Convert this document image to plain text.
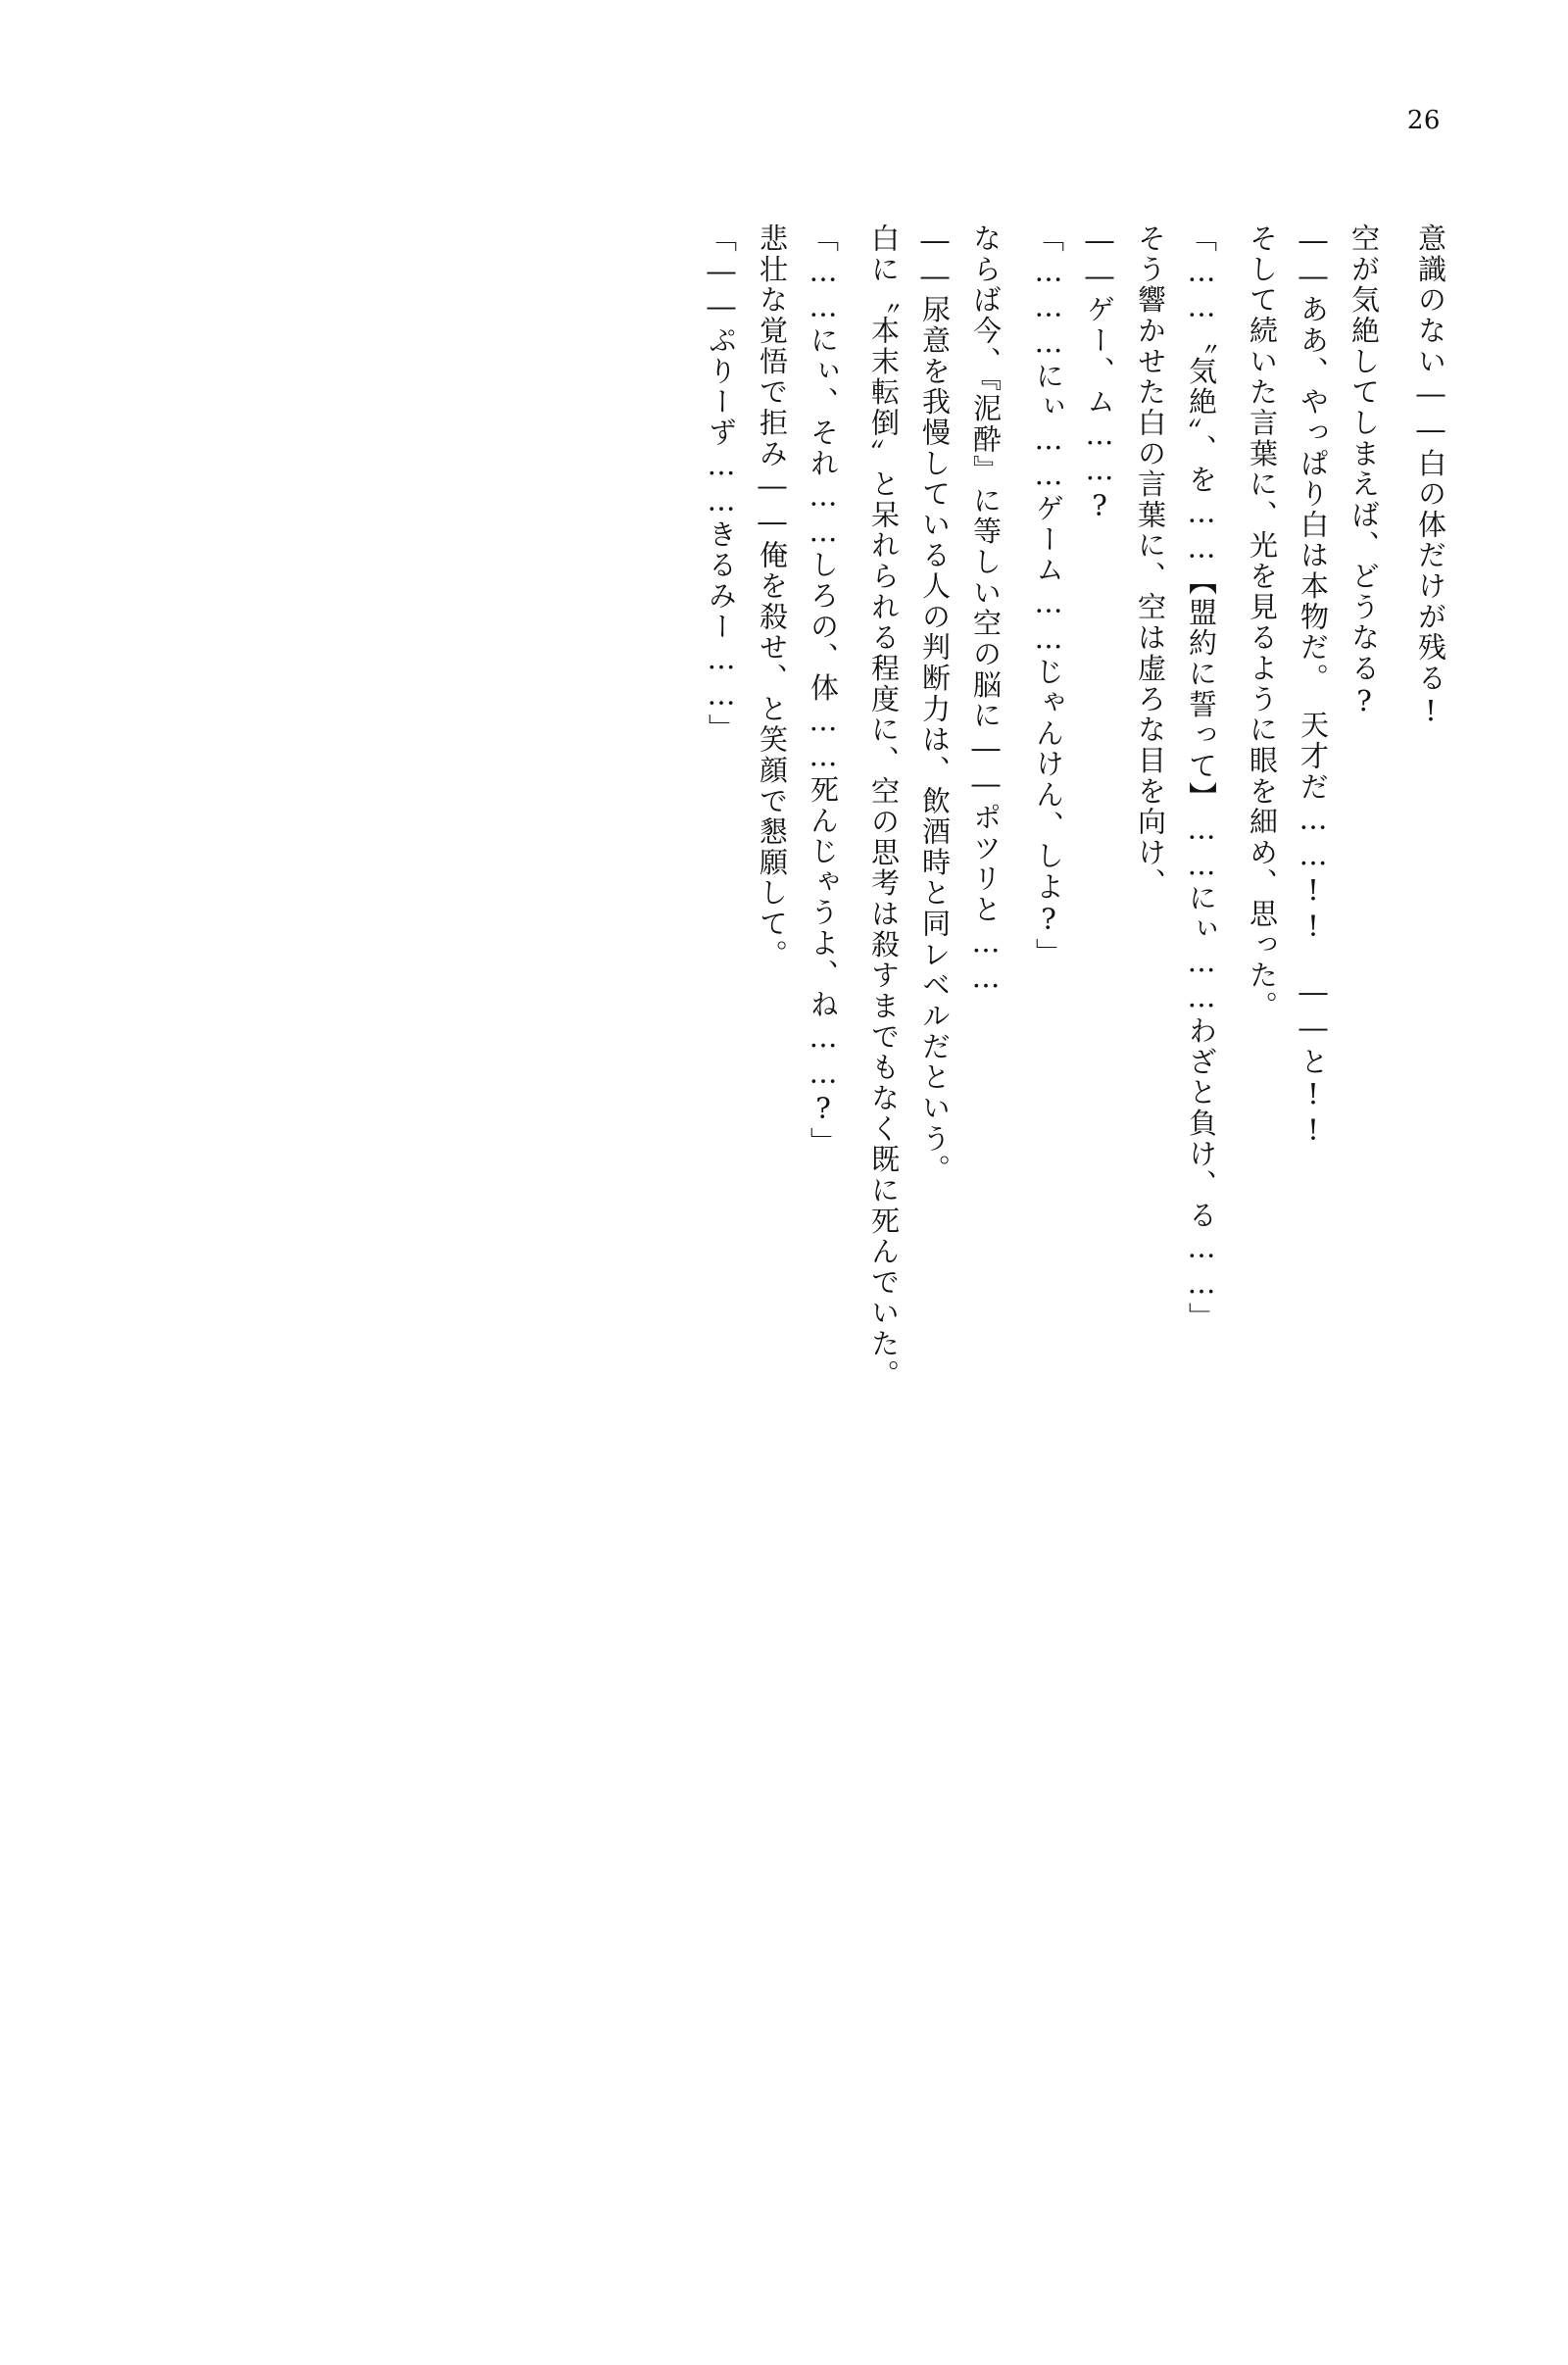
26
「――ぷりーず……きるみー……」 悲壮な覚悟で拒み――俺を殺せ、と笑顔で懇願して。 「……にぃ、それ……しろの、体……死んじゃうよ、ね……?」 白に〝本末転倒〟と呆れられる程度に、空の思考は殺すまでもなく既に死んでいた。 ――尿意を我慢している人の判断力は、飲酒時と同レベルだという。 ならば今、『泥酔』に等しい空の脳に――ポツリと……	「………にぃ……ゲーム……じゃんけん、しよ?」 ――ゲー、ム……? そう響かせた白の言葉に、空は虚ろな目を向け、 「……〝気絶〟、を……【盟約に誓って】……にぃ……わざと負け、る……」 そして続いた言葉に、光を見るように眼を細め、思った。 ――ああ、やっぱり白は本物だ。　天才だ……!!　――と!! 空が気絶してしまえば、どうなる?	意識のない――白の体だけが残る!
